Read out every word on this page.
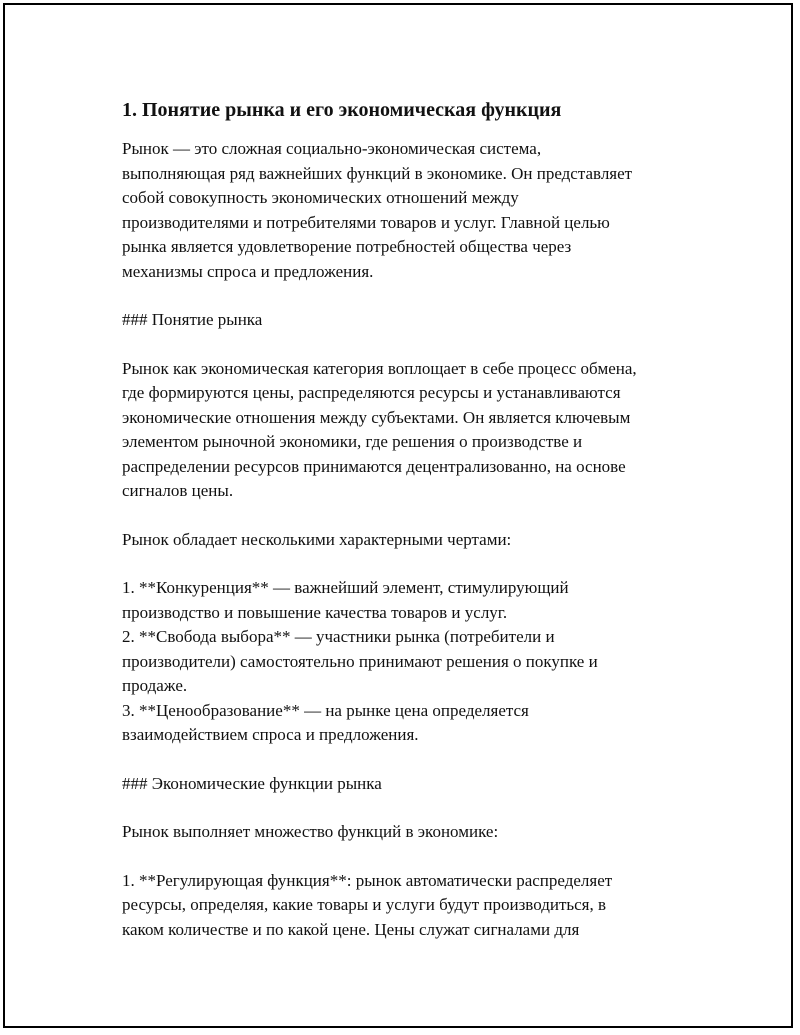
1. Понятие рынка и его экономическая функция

Рынок — это сложная социально-экономическая система,
выполняющая ряд важнейших функций в экономике. Он представляет
собой совокупность экономических отношений между
производителями и потребителями товаров и услуг. Главной целью
рынка является удовлетворение потребностей общества через
механизмы спроса и предложения.

### Понятие рынка

Рынок как экономическая категория воплощает в себе процесс обмена,
где формируются цены, распределяются ресурсы и устанавливаются
экономические отношения между субъектами. Он является ключевым
элементом рыночной экономики, где решения о производстве и
распределении ресурсов принимаются децентрализованно, на основе
сигналов цены.

Рынок обладает несколькими характерными чертами:

1. **Конкуренция** — важнейший элемент, стимулирующий
производство и повышение качества товаров и услуг.
2. **Свобода выбора** — участники рынка (потребители и
производители) самостоятельно принимают решения о покупке и
продаже.
3. **Ценообразование** — на рынке цена определяется
взаимодействием спроса и предложения.

### Экономические функции рынка

Рынок выполняет множество функций в экономике:

1. **Регулирующая функция**: рынок автоматически распределяет
ресурсы, определяя, какие товары и услуги будут производиться, в
каком количестве и по какой цене. Цены служат сигналами для
